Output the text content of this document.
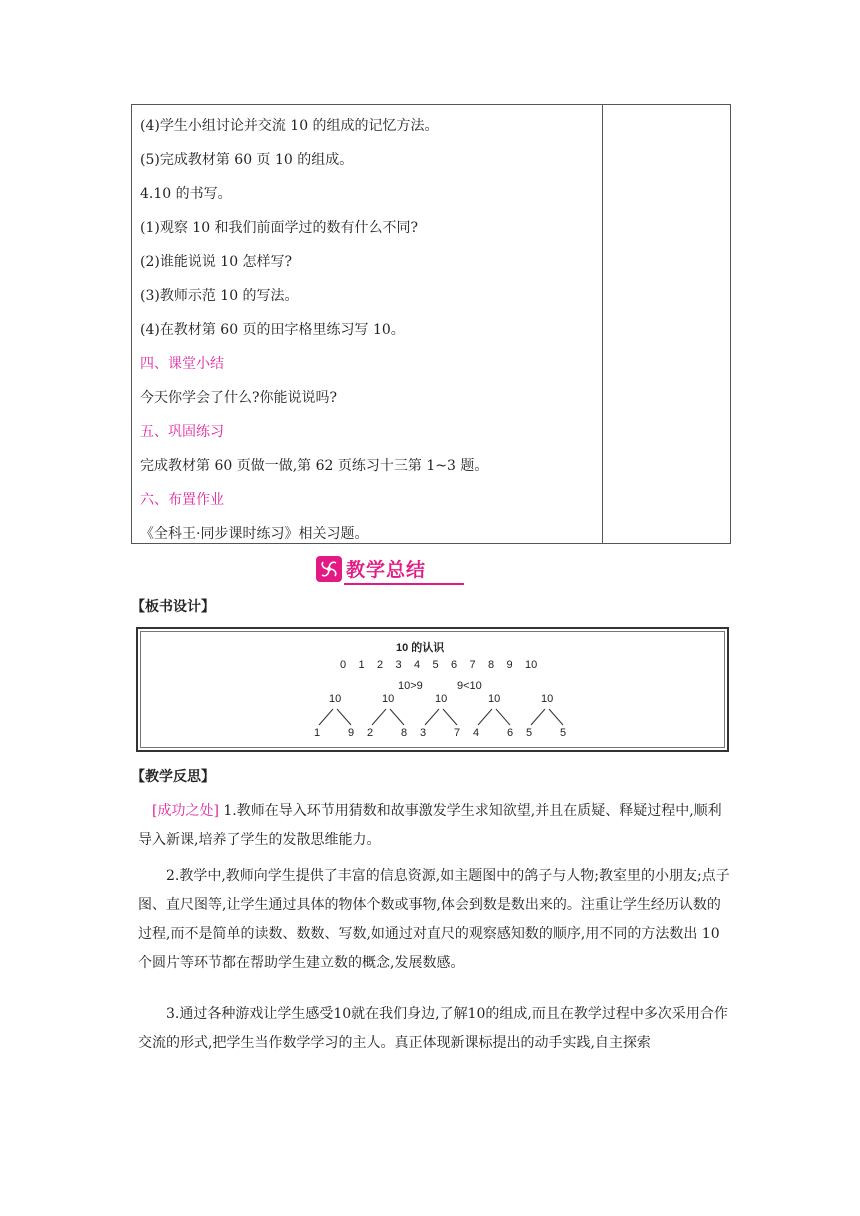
(4)学生小组讨论并交流 10 的组成的记忆方法。
(5)完成教材第 60 页 10 的组成。
4.10 的书写。
(1)观察 10 和我们前面学过的数有什么不同?
(2)谁能说说 10 怎样写?
(3)教师示范 10 的写法。
(4)在教材第 60 页的田字格里练习写 10。
四、课堂小结
今天你学会了什么?你能说说吗?
五、巩固练习
完成教材第 60 页做一做,第 62 页练习十三第 1~3 题。
六、布置作业
《全科王·同步课时练习》相关习题。
教学总结
【板书设计】
10 的认识
0 1 2 3 4 5 6 7 8 9 10
10>9	9<10
10
1	9
10
2	8
10
3	7
10
4	6
10
5	5
【教学反思】
[成功之处] 1.教师在导入环节用猜数和故事激发学生求知欲望,并且在质疑、释疑过程中,顺利导入新课,培养了学生的发散思维能力。
2.教学中,教师向学生提供了丰富的信息资源,如主题图中的鸽子与人物;教室里的小朋友;点子图、直尺图等,让学生通过具体的物体个数或事物,体会到数是数出来的。注重让学生经历认数的过程,而不是简单的读数、数数、写数,如通过对直尺的观察感知数的顺序,用不同的方法数出 10 个圆片等环节都在帮助学生建立数的概念,发展数感。
3.通过各种游戏让学生感受10就在我们身边,了解10的组成,而且在教学过程中多次采用合作交流的形式,把学生当作数学学习的主人。真正体现新课标提出的动手实践,自主探索
